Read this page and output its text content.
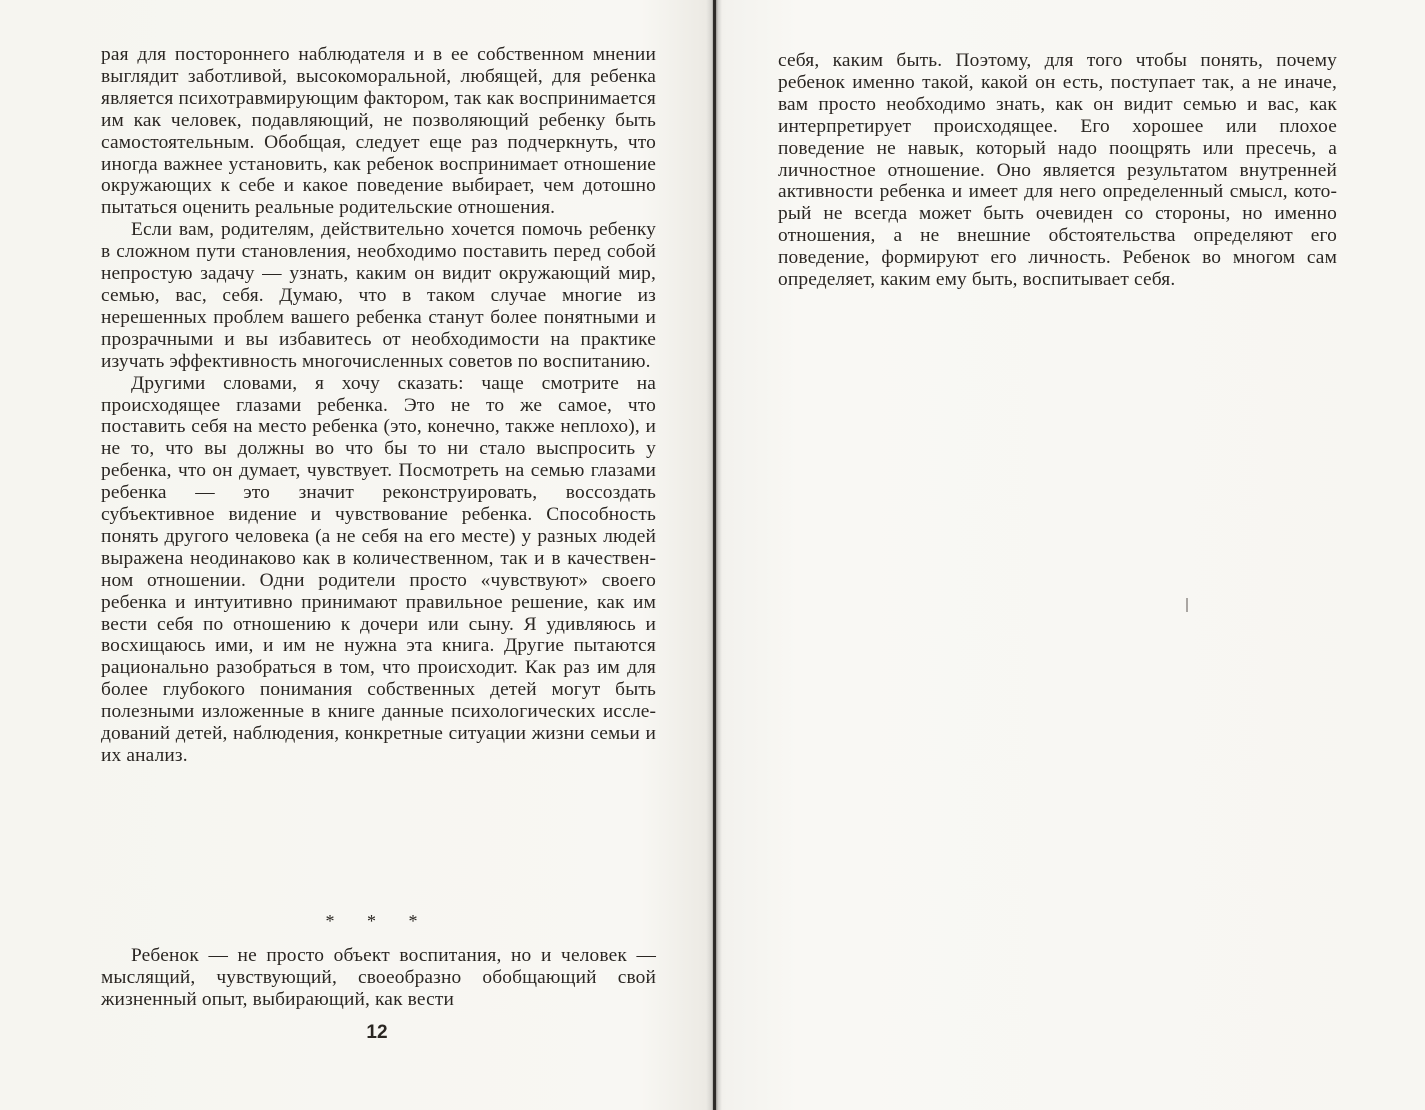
рая для постороннего наблюдателя и в ее собственном мнении выглядит заботливой, высокоморальной, любящей, для ребенка является психотравмирующим фактором, так как воспринимается им как человек, подавляющий, не позволяющий ребенку быть самостоятельным. Обобщая, следует еще раз подчеркнуть, что иногда важнее установить, как ребенок воспринимает отношение окружающих к себе и какое поведение выбирает, чем дотошно пытаться оценить реальные родительские отношения.

Если вам, родителям, действительно хочется помочь ребенку в сложном пути становления, необходимо поставить перед собой непростую задачу — узнать, каким он видит окружающий мир, семью, вас, себя. Думаю, что в таком случае многие из нерешенных проблем вашего ребенка станут более понятными и прозрачными и вы избавитесь от необходимости на практике изучать эффективность многочисленных советов по воспитанию.

Другими словами, я хочу сказать: чаще смотрите на происходящее глазами ребенка. Это не то же самое, что поставить себя на место ребенка (это, конечно, также неплохо), и не то, что вы должны во что бы то ни стало выспросить у ребенка, что он думает, чувствует. Посмотреть на семью глазами ребенка — это значит реконструировать, воссоздать субъективное видение и чувствование ребенка. Способность понять другого человека (а не себя на его месте) у разных людей выражена неодинаково как в количественном, так и в качественном отношении. Одни родители просто «чувствуют» своего ребенка и интуитивно принимают правильное решение, как им вести себя по отношению к дочери или сыну. Я удивляюсь и восхищаюсь ими, и им не нужна эта книга. Другие пытаются рационально разобраться в том, что происходит. Как раз им для более глубокого понимания собственных детей могут быть полезными изложенные в книге данные психологических исследований детей, наблюдения, конкретные ситуации жизни семьи и их анализ.

* * *

Ребенок — не просто объект воспитания, но и человек — мыслящий, чувствующий, своеобразно обобщающий свой жизненный опыт, выбирающий, как вести

12

себя, каким быть. Поэтому, для того чтобы понять, почему ребенок именно такой, какой он есть, поступает так, а не иначе, вам просто необходимо знать, как он видит семью и вас, как интерпретирует происходящее. Его хорошее или плохое поведение не навык, который надо поощрять или пресечь, а личностное отношение. Оно является результатом внутренней активности ребенка и имеет для него определенный смысл, который не всегда может быть очевиден со стороны, но именно отношения, а не внешние обстоятельства определяют его поведение, формируют его личность. Ребенок во многом сам определяет, каким ему быть, воспитывает себя.
